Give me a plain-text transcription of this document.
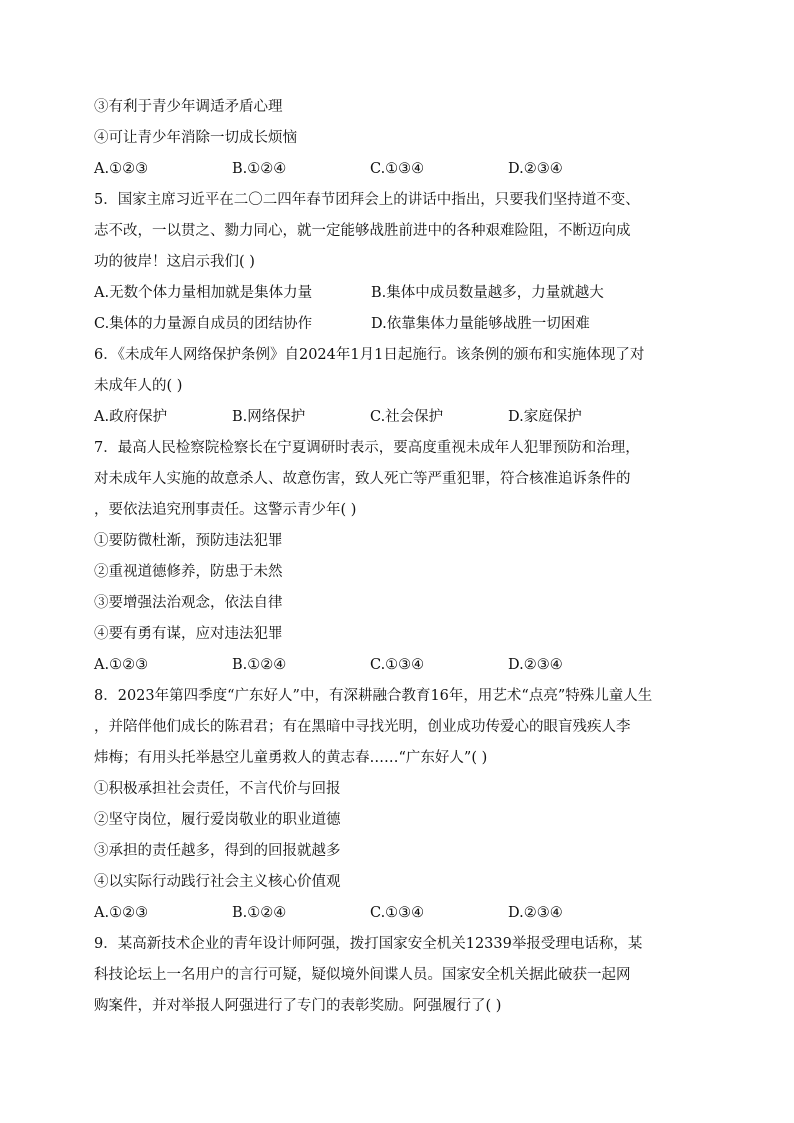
③有利于青少年调适矛盾心理
④可让青少年消除一切成长烦恼
A.①②③	B.①②④	C.①③④	D.②③④
5．国家主席习近平在二〇二四年春节团拜会上的讲话中指出，只要我们坚持道不变、
志不改，一以贯之、勠力同心，就一定能够战胜前进中的各种艰难险阻，不断迈向成
功的彼岸！这启示我们( )
A.无数个体力量相加就是集体力量	B.集体中成员数量越多，力量就越大
C.集体的力量源自成员的团结协作	D.依靠集体力量能够战胜一切困难
6．《未成年人网络保护条例》自2024年1月1日起施行。该条例的颁布和实施体现了对
未成年人的( )
A.政府保护	B.网络保护	C.社会保护	D.家庭保护
7．最高人民检察院检察长在宁夏调研时表示，要高度重视未成年人犯罪预防和治理，
对未成年人实施的故意杀人、故意伤害，致人死亡等严重犯罪，符合核准追诉条件的
，要依法追究刑事责任。这警示青少年( )
①要防微杜渐，预防违法犯罪
②重视道德修养，防患于未然
③要增强法治观念，依法自律
④要有勇有谋，应对违法犯罪
A.①②③	B.①②④	C.①③④	D.②③④
8．2023年第四季度“广东好人”中，有深耕融合教育16年，用艺术“点亮”特殊儿童人生
，并陪伴他们成长的陈君君；有在黑暗中寻找光明，创业成功传爱心的眼盲残疾人李
炜梅；有用头托举悬空儿童勇救人的黄志春……“广东好人”( )
①积极承担社会责任，不言代价与回报
②坚守岗位，履行爱岗敬业的职业道德
③承担的责任越多，得到的回报就越多
④以实际行动践行社会主义核心价值观
A.①②③	B.①②④	C.①③④	D.②③④
9．某高新技术企业的青年设计师阿强，拨打国家安全机关12339举报受理电话称，某
科技论坛上一名用户的言行可疑，疑似境外间谍人员。国家安全机关据此破获一起网
购案件，并对举报人阿强进行了专门的表彰奖励。阿强履行了( )
